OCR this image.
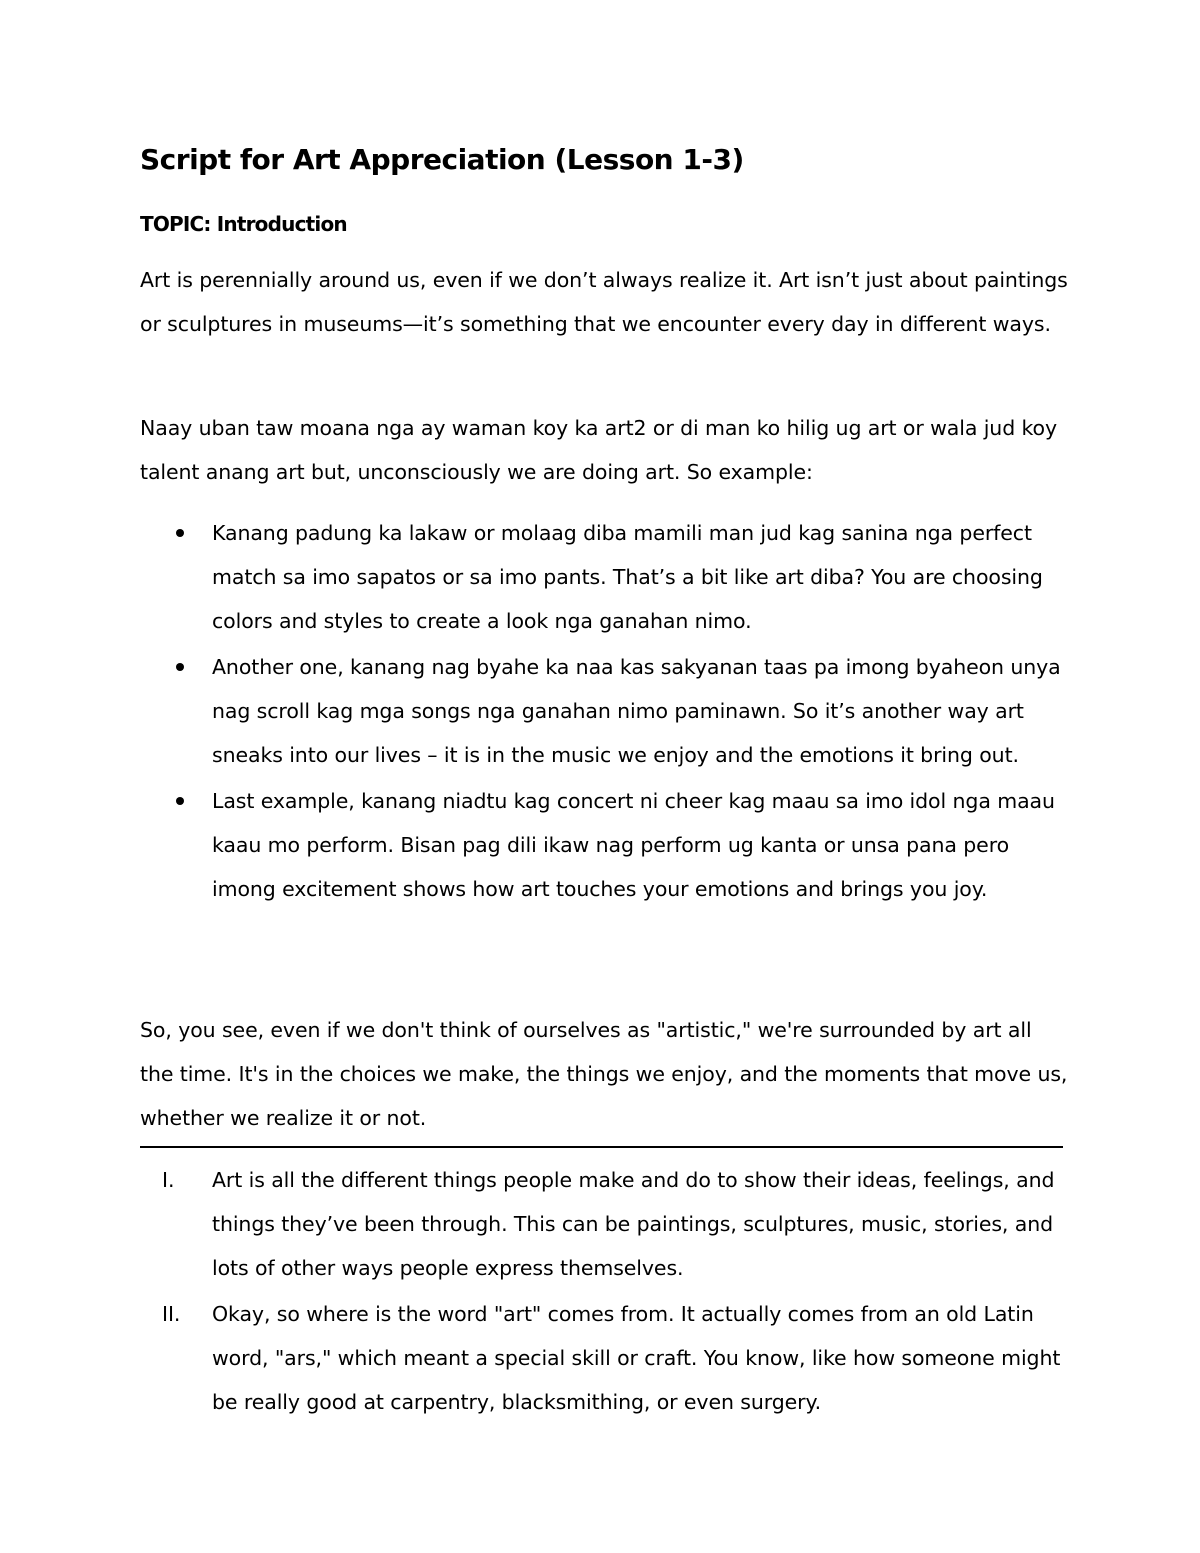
Script for Art Appreciation (Lesson 1-3)

TOPIC: Introduction

Art is perennially around us, even if we don’t always realize it. Art isn’t just about paintings or sculptures in museums—it’s something that we encounter every day in different ways.

Naay uban taw moana nga ay waman koy ka art2 or di man ko hilig ug art or wala jud koy talent anang art but, unconsciously we are doing art. So example:

Kanang padung ka lakaw or molaag diba mamili man jud kag sanina nga perfect match sa imo sapatos or sa imo pants. That’s a bit like art diba? You are choosing colors and styles to create a look nga ganahan nimo.
Another one, kanang nag byahe ka naa kas sakyanan taas pa imong byaheon unya nag scroll kag mga songs nga ganahan nimo paminawn. So it’s another way art sneaks into our lives – it is in the music we enjoy and the emotions it bring out.
Last example, kanang niadtu kag concert ni cheer kag maau sa imo idol nga maau kaau mo perform. Bisan pag dili ikaw nag perform ug kanta or unsa pana pero imong excitement shows how art touches your emotions and brings you joy.

So, you see, even if we don't think of ourselves as "artistic," we're surrounded by art all the time. It's in the choices we make, the things we enjoy, and the moments that move us, whether we realize it or not.

I. Art is all the different things people make and do to show their ideas, feelings, and things they’ve been through. This can be paintings, sculptures, music, stories, and lots of other ways people express themselves.
II. Okay, so where is the word "art" comes from. It actually comes from an old Latin word, "ars," which meant a special skill or craft. You know, like how someone might be really good at carpentry, blacksmithing, or even surgery.
